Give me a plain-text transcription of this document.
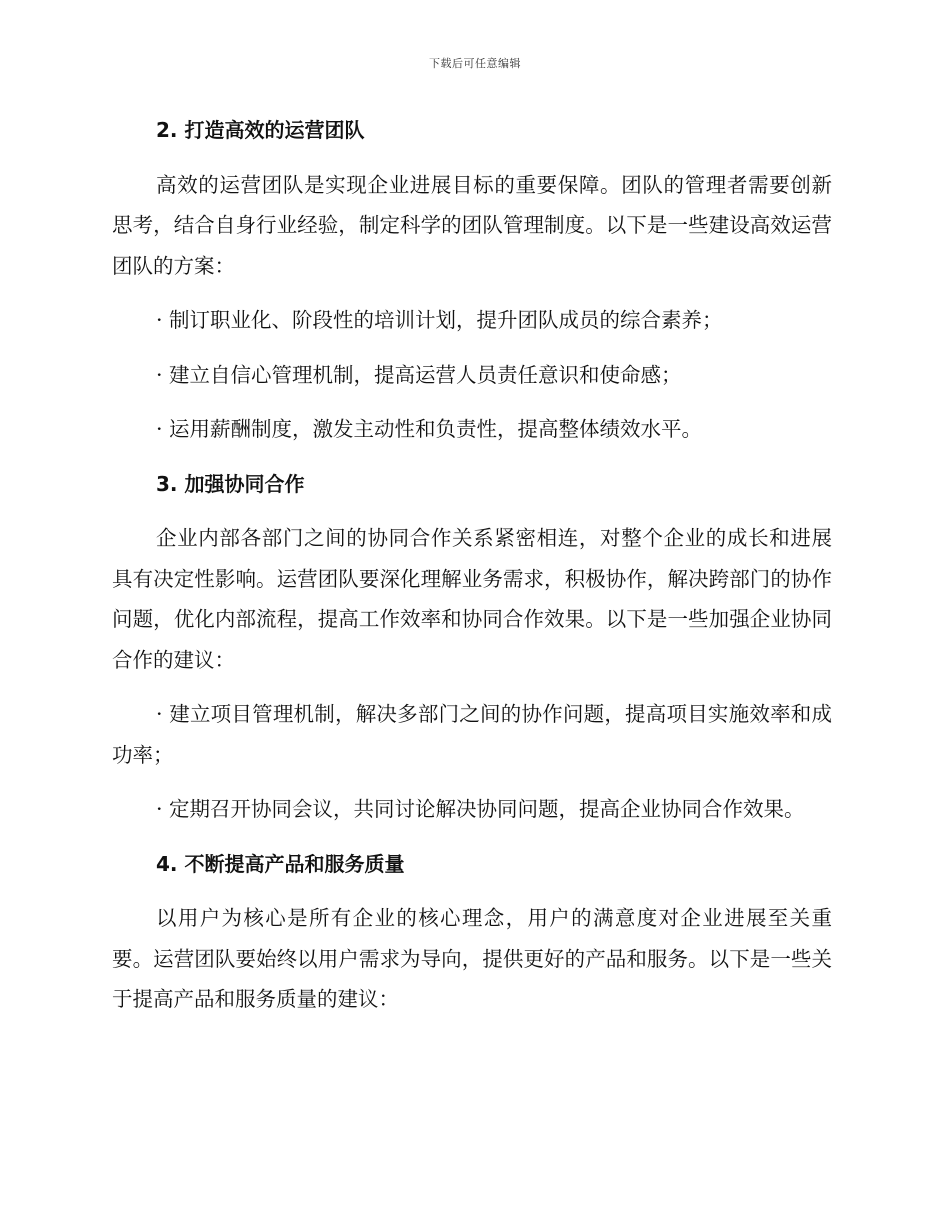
下载后可任意编辑

2. 打造高效的运营团队

高效的运营团队是实现企业进展目标的重要保障。团队的管理者需要创新思考，结合自身行业经验，制定科学的团队管理制度。以下是一些建设高效运营团队的方案：

· 制订职业化、阶段性的培训计划，提升团队成员的综合素养；

· 建立自信心管理机制，提高运营人员责任意识和使命感；

· 运用薪酬制度，激发主动性和负责性，提高整体绩效水平。

3. 加强协同合作

企业内部各部门之间的协同合作关系紧密相连，对整个企业的成长和进展具有决定性影响。运营团队要深化理解业务需求，积极协作，解决跨部门的协作问题，优化内部流程，提高工作效率和协同合作效果。以下是一些加强企业协同合作的建议：

· 建立项目管理机制，解决多部门之间的协作问题，提高项目实施效率和成功率；

· 定期召开协同会议，共同讨论解决协同问题，提高企业协同合作效果。

4. 不断提高产品和服务质量

以用户为核心是所有企业的核心理念，用户的满意度对企业进展至关重要。运营团队要始终以用户需求为导向，提供更好的产品和服务。以下是一些关于提高产品和服务质量的建议：
